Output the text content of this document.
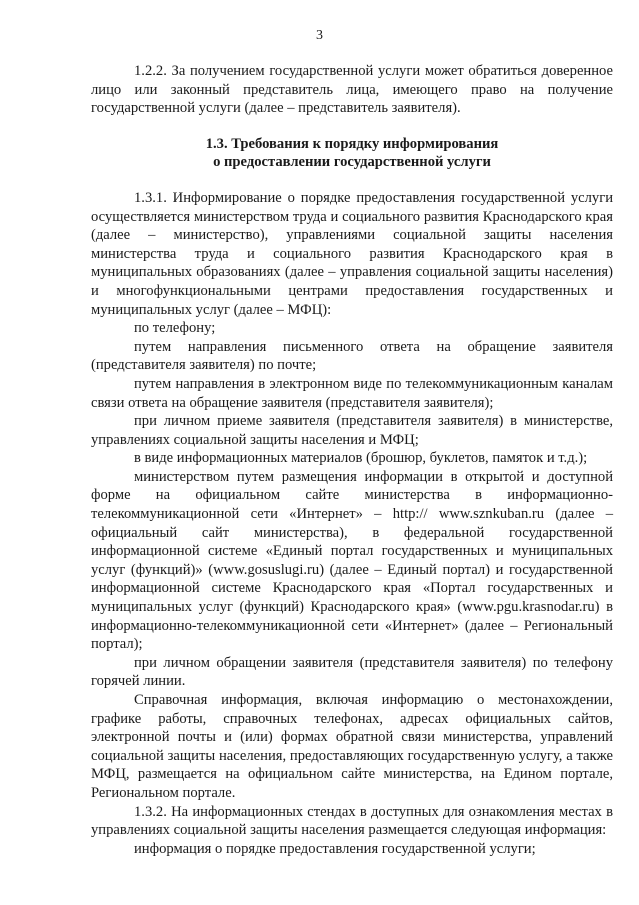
3

1.2.2. За получением государственной услуги может обратиться доверенное лицо или законный представитель лица, имеющего право на получение государственной услуги (далее – представитель заявителя).

1.3. Требования к порядку информирования
о предоставлении государственной услуги

1.3.1. Информирование о порядке предоставления государственной услуги осуществляется министерством труда и социального развития Краснодарского края (далее – министерство), управлениями социальной защиты населения министерства труда и социального развития Краснодарского края в муниципальных образованиях (далее – управления социальной защиты населения) и многофункциональными центрами предоставления государственных и муниципальных услуг (далее – МФЦ):

по телефону;

путем направления письменного ответа на обращение заявителя (представителя заявителя) по почте;

путем направления в электронном виде по телекоммуникационным каналам связи ответа на обращение заявителя (представителя заявителя);

при личном приеме заявителя (представителя заявителя) в министерстве, управлениях социальной защиты населения и МФЦ;

в виде информационных материалов (брошюр, буклетов, памяток и т.д.);

министерством путем размещения информации в открытой и доступной форме на официальном сайте министерства в информационно-телекоммуникационной сети «Интернет» – http:// www.sznkuban.ru (далее – официальный сайт министерства), в федеральной государственной информационной системе «Единый портал государственных и муниципальных услуг (функций)» (www.gosuslugi.ru) (далее – Единый портал) и государственной информационной системе Краснодарского края «Портал государственных и муниципальных услуг (функций) Краснодарского края» (www.pgu.krasnodar.ru) в информационно-телекоммуникационной сети «Интернет» (далее – Региональный портал);

при личном обращении заявителя (представителя заявителя) по телефону горячей линии.

Справочная информация, включая информацию о местонахождении, графике работы, справочных телефонах, адресах официальных сайтов, электронной почты и (или) формах обратной связи министерства, управлений социальной защиты населения, предоставляющих государственную услугу, а также МФЦ, размещается на официальном сайте министерства, на Едином портале, Региональном портале.

1.3.2. На информационных стендах в доступных для ознакомления местах в управлениях социальной защиты населения размещается следующая информация:

информация о порядке предоставления государственной услуги;
